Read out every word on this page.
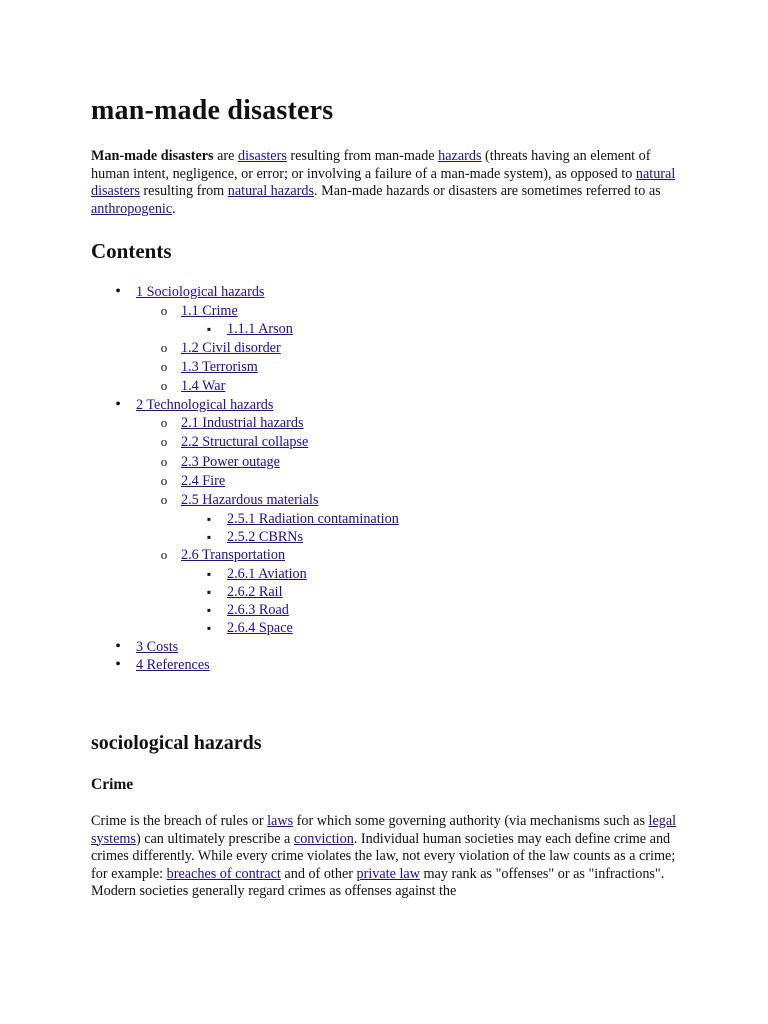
man-made disasters

Man-made disasters are disasters resulting from man-made hazards (threats having an element of human intent, negligence, or error; or involving a failure of a man-made system), as opposed to natural disasters resulting from natural hazards. Man-made hazards or disasters are sometimes referred to as anthropogenic.

Contents
•
1 Sociological hazards
o
1.1 Crime
▪
1.1.1 Arson
o
1.2 Civil disorder
o
1.3 Terrorism
o
1.4 War
•
2 Technological hazards
o
2.1 Industrial hazards
o
2.2 Structural collapse
o
2.3 Power outage
o
2.4 Fire
o
2.5 Hazardous materials
▪
2.5.1 Radiation contamination
▪
2.5.2 CBRNs
o
2.6 Transportation
▪
2.6.1 Aviation
▪
2.6.2 Rail
▪
2.6.3 Road
▪
2.6.4 Space
•
3 Costs
•
4 References
sociological hazards
Crime

Crime is the breach of rules or laws for which some governing authority (via mechanisms such as legal systems) can ultimately prescribe a conviction. Individual human societies may each define crime and crimes differently. While every crime violates the law, not every violation of the law counts as a crime; for example: breaches of contract and of other private law may rank as "offenses" or as "infractions". Modern societies generally regard crimes as offenses against the
